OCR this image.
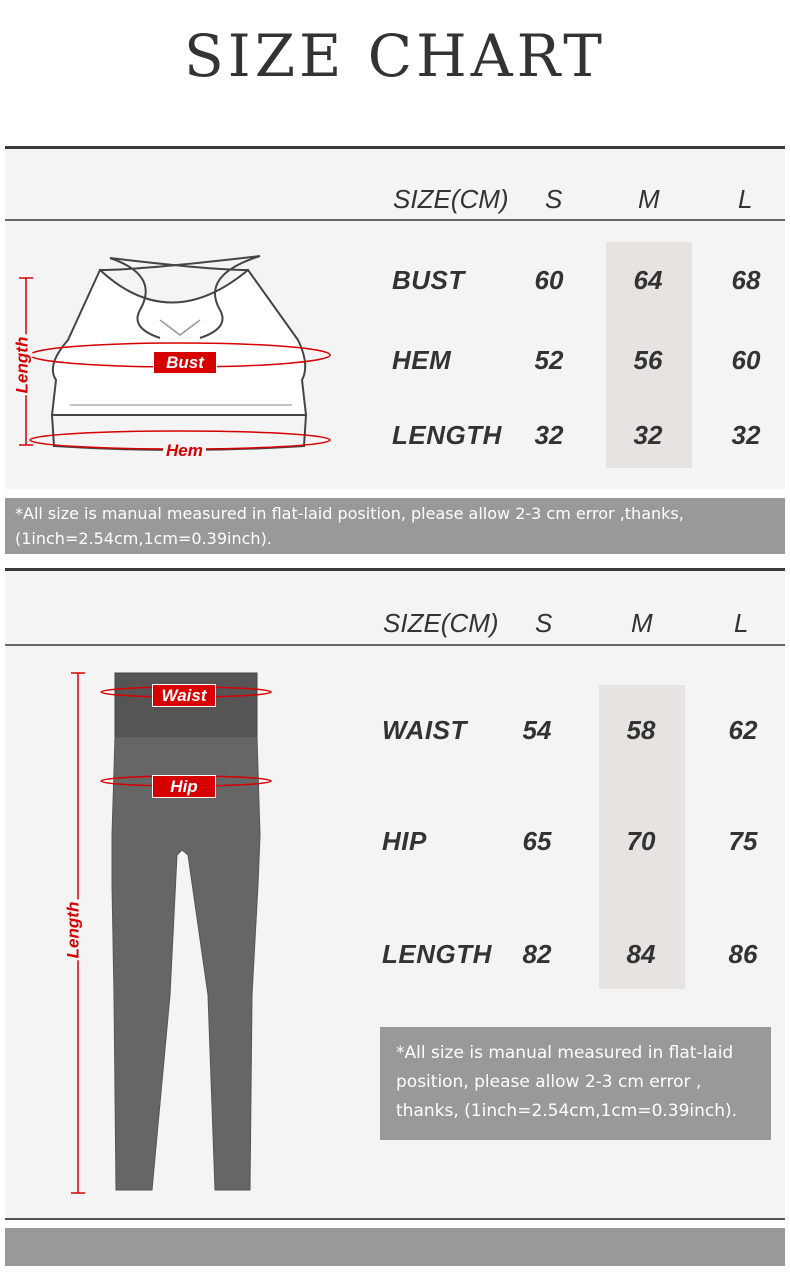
SIZE CHART
SIZE(CM) S	M	L
BUST	60	64	68
HEM	52	56	60
LENGTH	32	32	32
Bust
Hem
Length
*All size is manual measured in flat-laid position, please allow 2-3 cm error ,thanks,
(1inch=2.54cm,1cm=0.39inch).
SIZE(CM) S	M	L
WAIST	54	58	62
HIP	65	70	75
LENGTH	82	84	86
Waist
Hip
Length
*All size is manual measured in flat-laid
position, please allow 2-3 cm error ,
thanks, (1inch=2.54cm,1cm=0.39inch).
